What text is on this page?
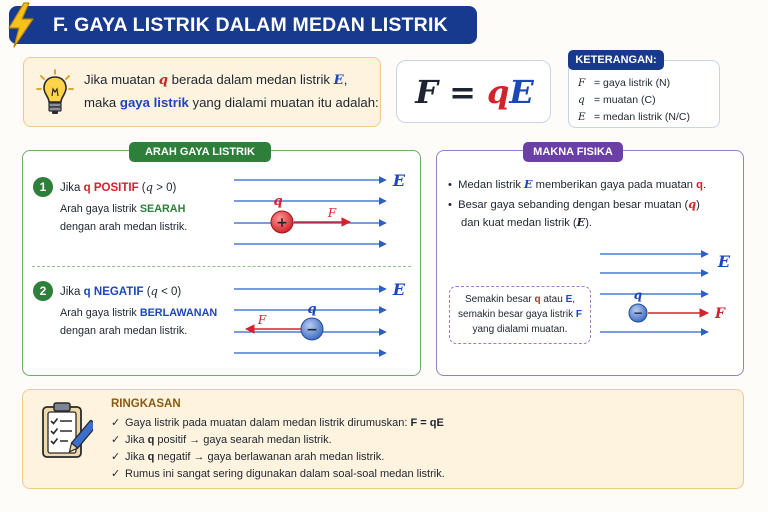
F. GAYA LISTRIK DALAM MEDAN LISTRIK
Jika muatan q berada dalam medan listrik E,
maka gaya listrik yang dialami muatan itu adalah:	F = qE	F = gaya listrik (N)
q = muatan (C)
E = medan listrik (N/C)
KETERANGAN:
ARAH GAYA LISTRIK
1	Jika q POSITIF (q > 0)
Arah gaya listrik SEARAH
dengan arah medan listrik.	+
q
F
E
2	Jika q NEGATIF (q < 0)
Arah gaya listrik BERLAWANAN
dengan arah medan listrik.	−
q
F
E
MAKNA FISIKA
•  Medan listrik E memberikan gaya pada muatan q.
•  Besar gaya sebanding dengan besar muatan (q)
dan kuat medan listrik (E).
Semakin besar q atau E,
semakin besar gaya listrik F
yang dialami muatan.
−
q
E
F
RINGKASAN
✓ Gaya listrik pada muatan dalam medan listrik dirumuskan: F = qE
✓ Jika q positif → gaya searah medan listrik.
✓ Jika q negatif → gaya berlawanan arah medan listrik.
✓ Rumus ini sangat sering digunakan dalam soal-soal medan listrik.
